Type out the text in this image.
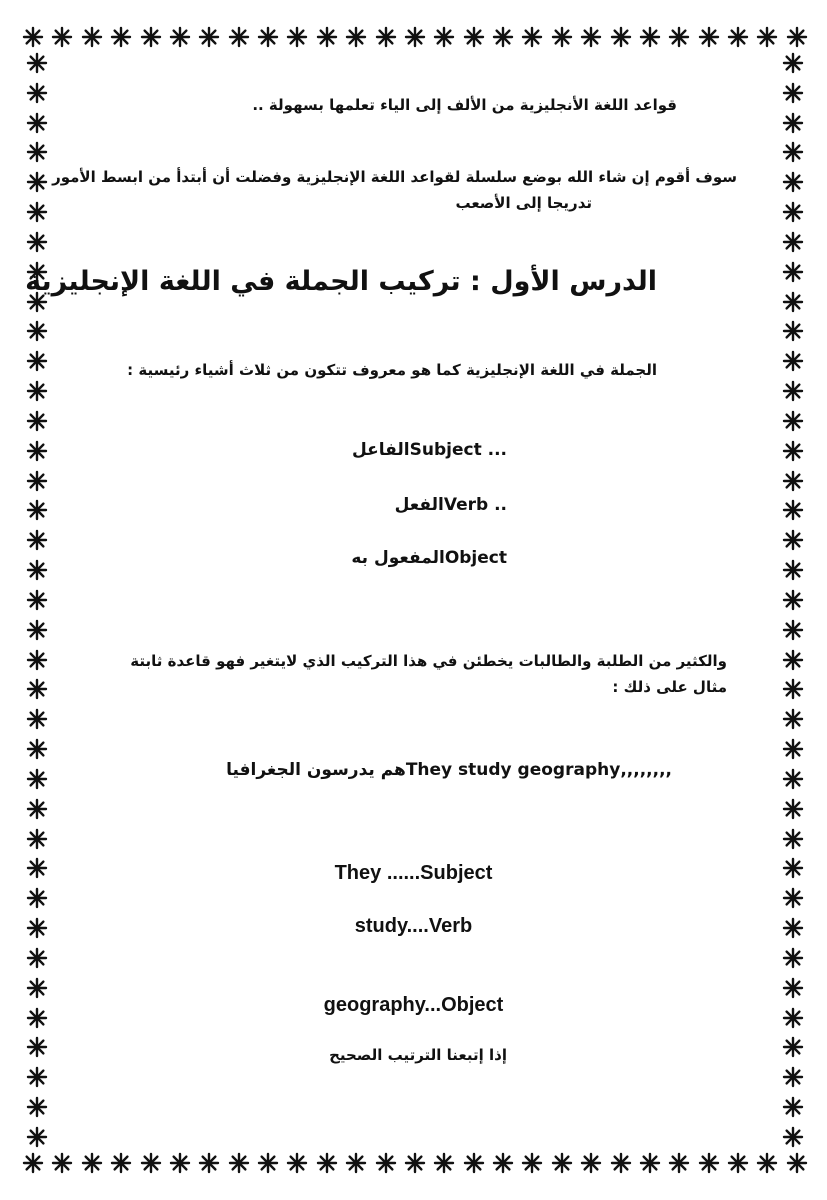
قواعد اللغة الأنجليزية من الألف إلى الياء تعلمها بسهولة ..
سوف أقوم إن شاء الله بوضع سلسلة لقواعد اللغة الإنجليزية وفضلت أن أبتدأ من ابسط الأمور
تدريجا إلى الأصعب
الدرس الأول : تركيب الجملة في اللغة الإنجليزية
الجملة في اللغة الإنجليزية كما هو معروف تتكون من ثلاث أشياء رئيسية :
... Subjectالفاعل
.. Verbالفعل
Objectالمفعول به
والكثير من الطلبة والطالبات يخطئن في هذا التركيب الذي لايتغير فهو قاعدة ثابتة
مثال على ذلك :
,,,,,,,,They study geographyهم يدرسون الجغرافيا
They ......Subject
study....Verb
geography...Object
إذا إتبعنا الترتيب الصحيح
